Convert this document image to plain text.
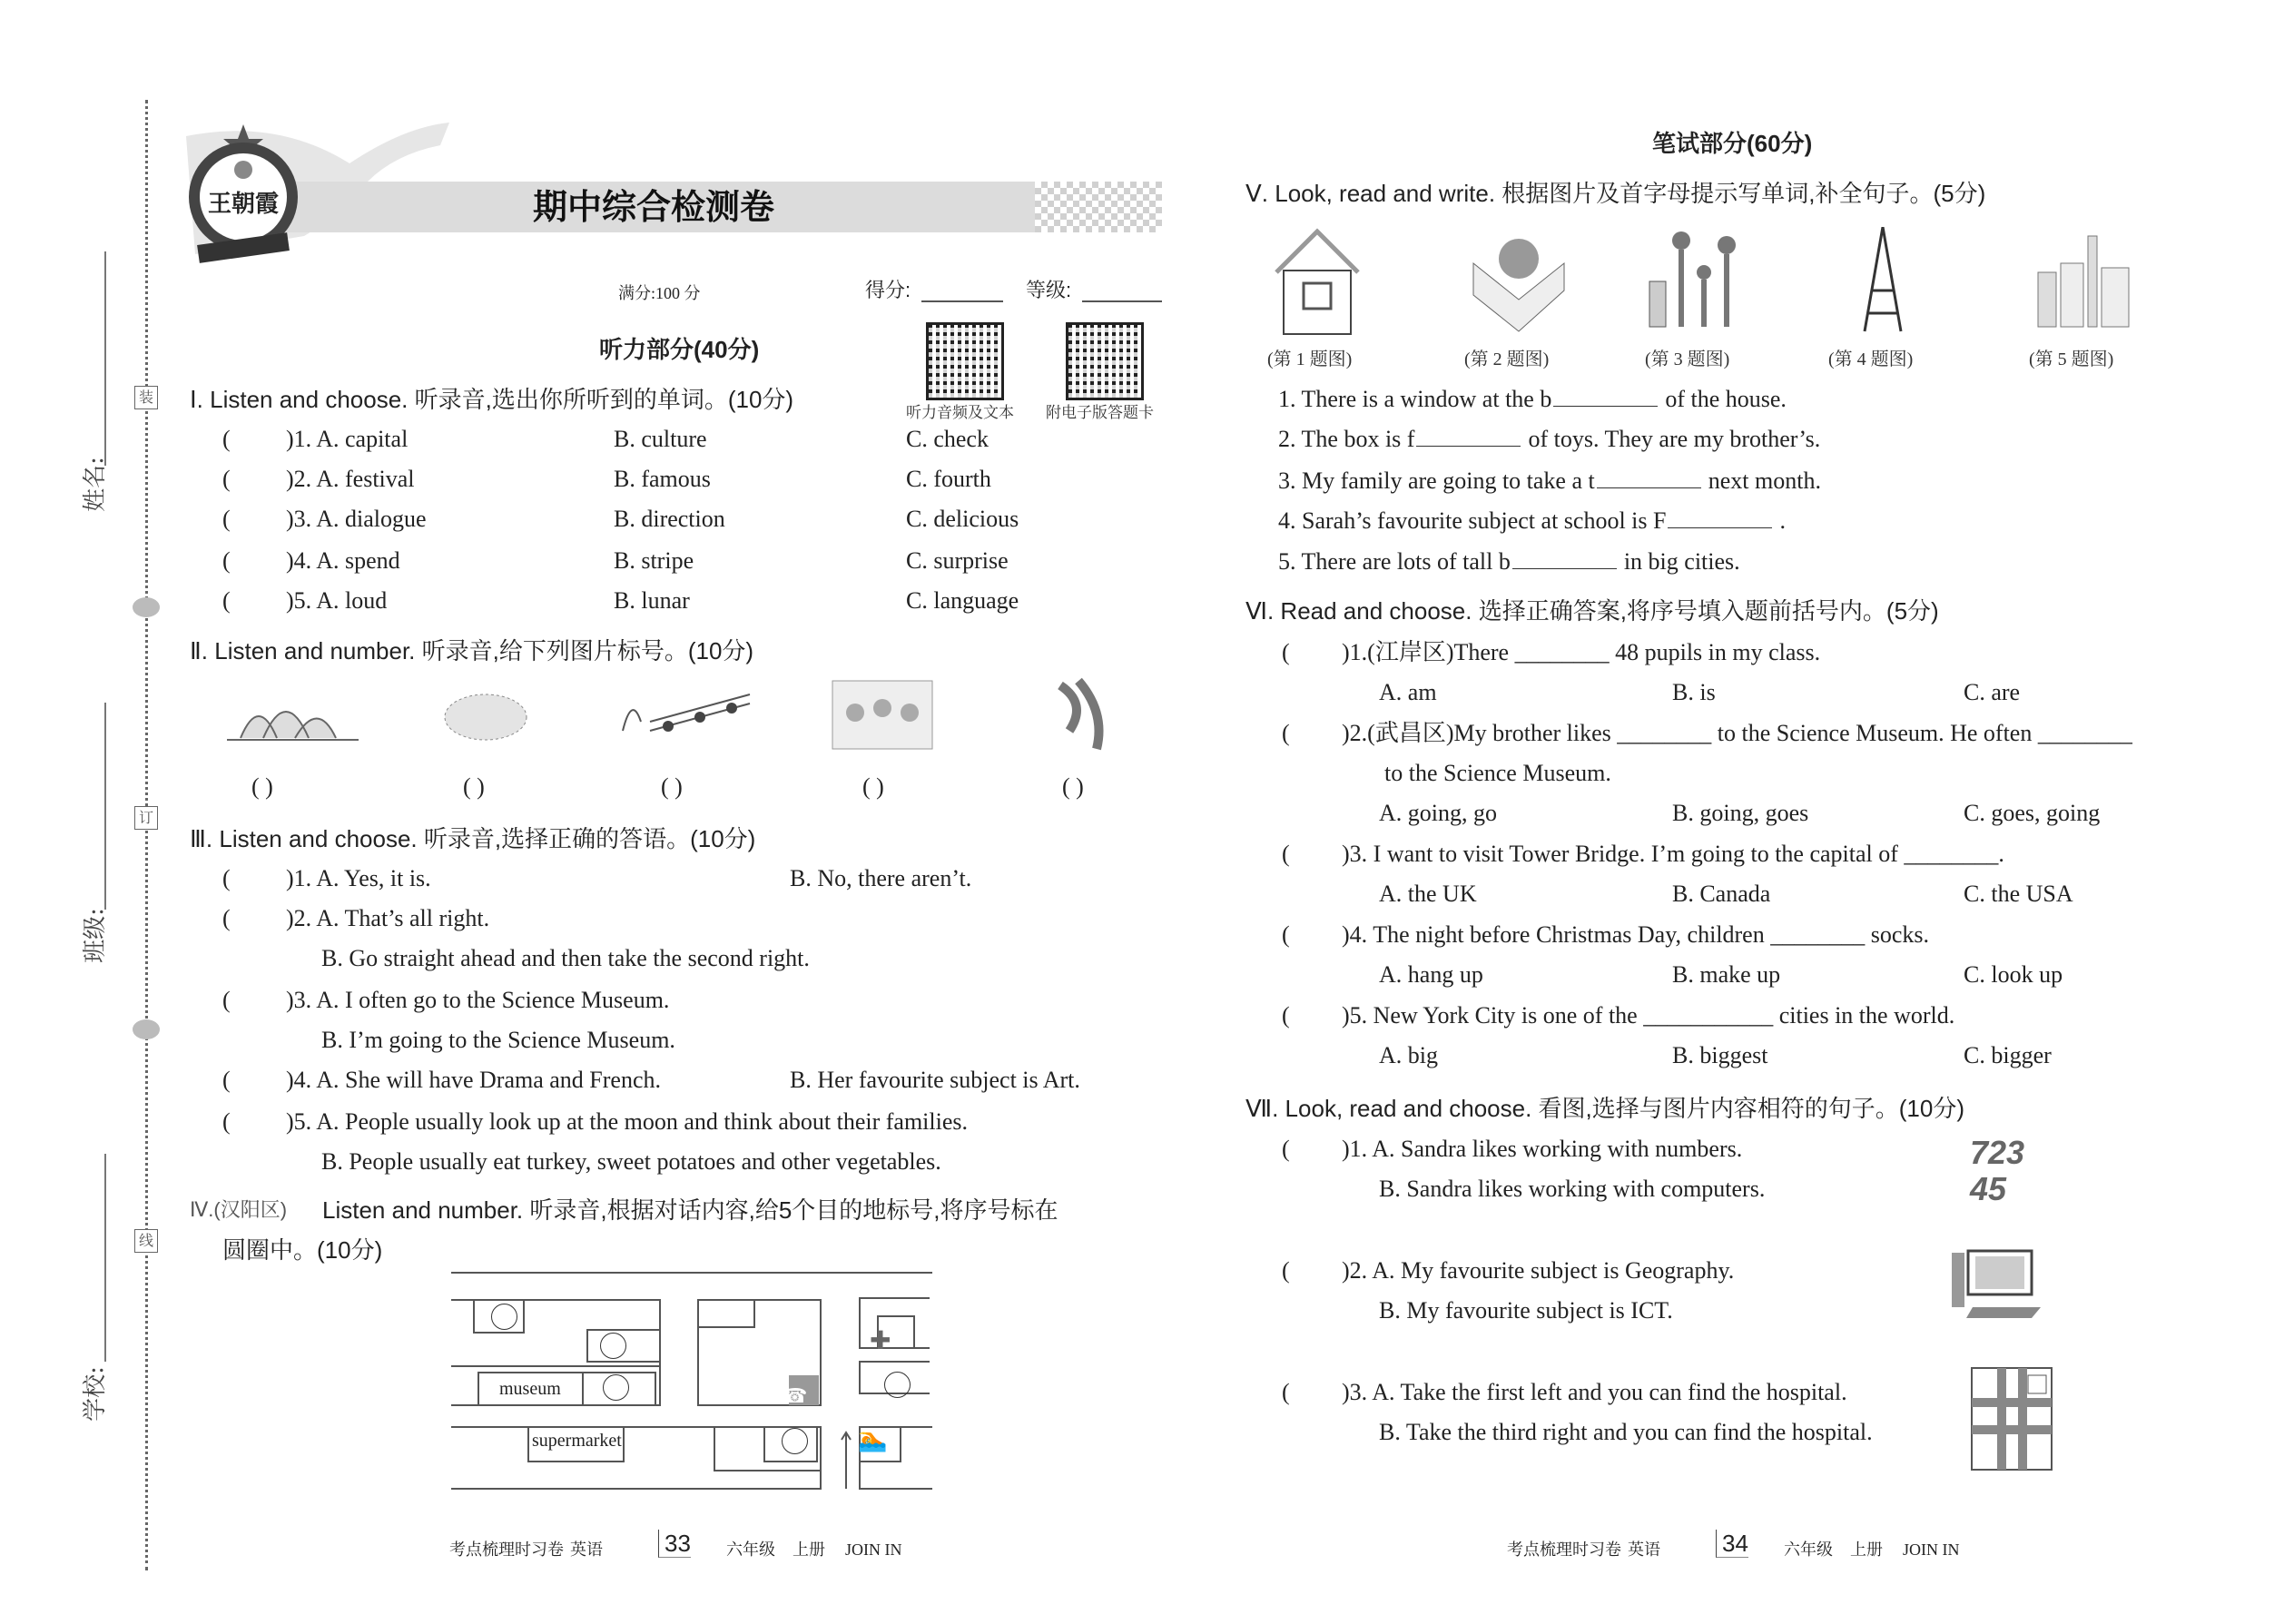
装
订
线
姓名:
班级:
学校:
期中综合检测卷
王朝霞
满分:100 分	得分:	等级:
听力部分(40分)
听力音频及文本 附电子版答题卡
Ⅰ. Listen and choose. 听录音,选出你所听到的单词。(10分)
( )1. A. capital	B. culture	C. check
( )2. A. festival	B. famous	C. fourth
( )3. A. dialogue	B. direction	C. delicious
( )4. A. spend	B. stripe	C. surprise
( )5. A. loud	B. lunar	C. language
Ⅱ. Listen and number. 听录音,给下列图片标号。(10分)
( )	( )	( )	( )	( )
Ⅲ. Listen and choose. 听录音,选择正确的答语。(10分)
( )1. A. Yes, it is.	B. No, there aren’t.
( )2. A. That’s all right.
B. Go straight ahead and then take the second right.
( )3. A. I often go to the Science Museum.
B. I’m going to the Science Museum.
( )4. A. She will have Drama and French.	B. Her favourite subject is Art.
( )5. A. People usually look up at the moon and think about their families.
B. People usually eat turkey, sweet potatoes and other vegetables.
Ⅳ.(汉阳区) Listen and number. 听录音,根据对话内容,给5个目的地标号,将序号标在
圆圈中。(10分)
museum
supermarket
✚
☎
🏊
笔试部分(60分)
Ⅴ. Look, read and write. 根据图片及首字母提示写单词,补全句子。(5分)
(第 1 题图)	(第 2 题图)	(第 3 题图)	(第 4 题图)	(第 5 题图)
1. There is a window at the b	of the house.
2. The box is f	of toys. They are my brother’s.
3. My family are going to take a t	next month.
4. Sarah’s favourite subject at school is F	.
5. There are lots of tall b	in big cities.
Ⅵ. Read and choose. 选择正确答案,将序号填入题前括号内。(5分)
( )1.(江岸区)There ________ 48 pupils in my class.
A. am	B. is	C. are
( )2.(武昌区)My brother likes ________ to the Science Museum. He often ________
to the Science Museum.
A. going, go	B. going, goes	C. goes, going
( )3. I want to visit Tower Bridge. I’m going to the capital of ________.
A. the UK	B. Canada	C. the USA
( )4. The night before Christmas Day, children ________ socks.
A. hang up	B. make up	C. look up
( )5. New York City is one of the ___________ cities in the world.
A. big	B. biggest	C. bigger
Ⅶ. Look, read and choose. 看图,选择与图片内容相符的句子。(10分)
( )1. A. Sandra likes working with numbers.
B. Sandra likes working with computers.
( )2. A. My favourite subject is Geography.
B. My favourite subject is ICT.
( )3. A. Take the first left and you can find the hospital.
B. Take the third right and you can find the hospital.
723 45
考点梳理时习卷 英语	33 六年级 上册 JOIN IN	考点梳理时习卷 英语	34 六年级 上册 JOIN IN
